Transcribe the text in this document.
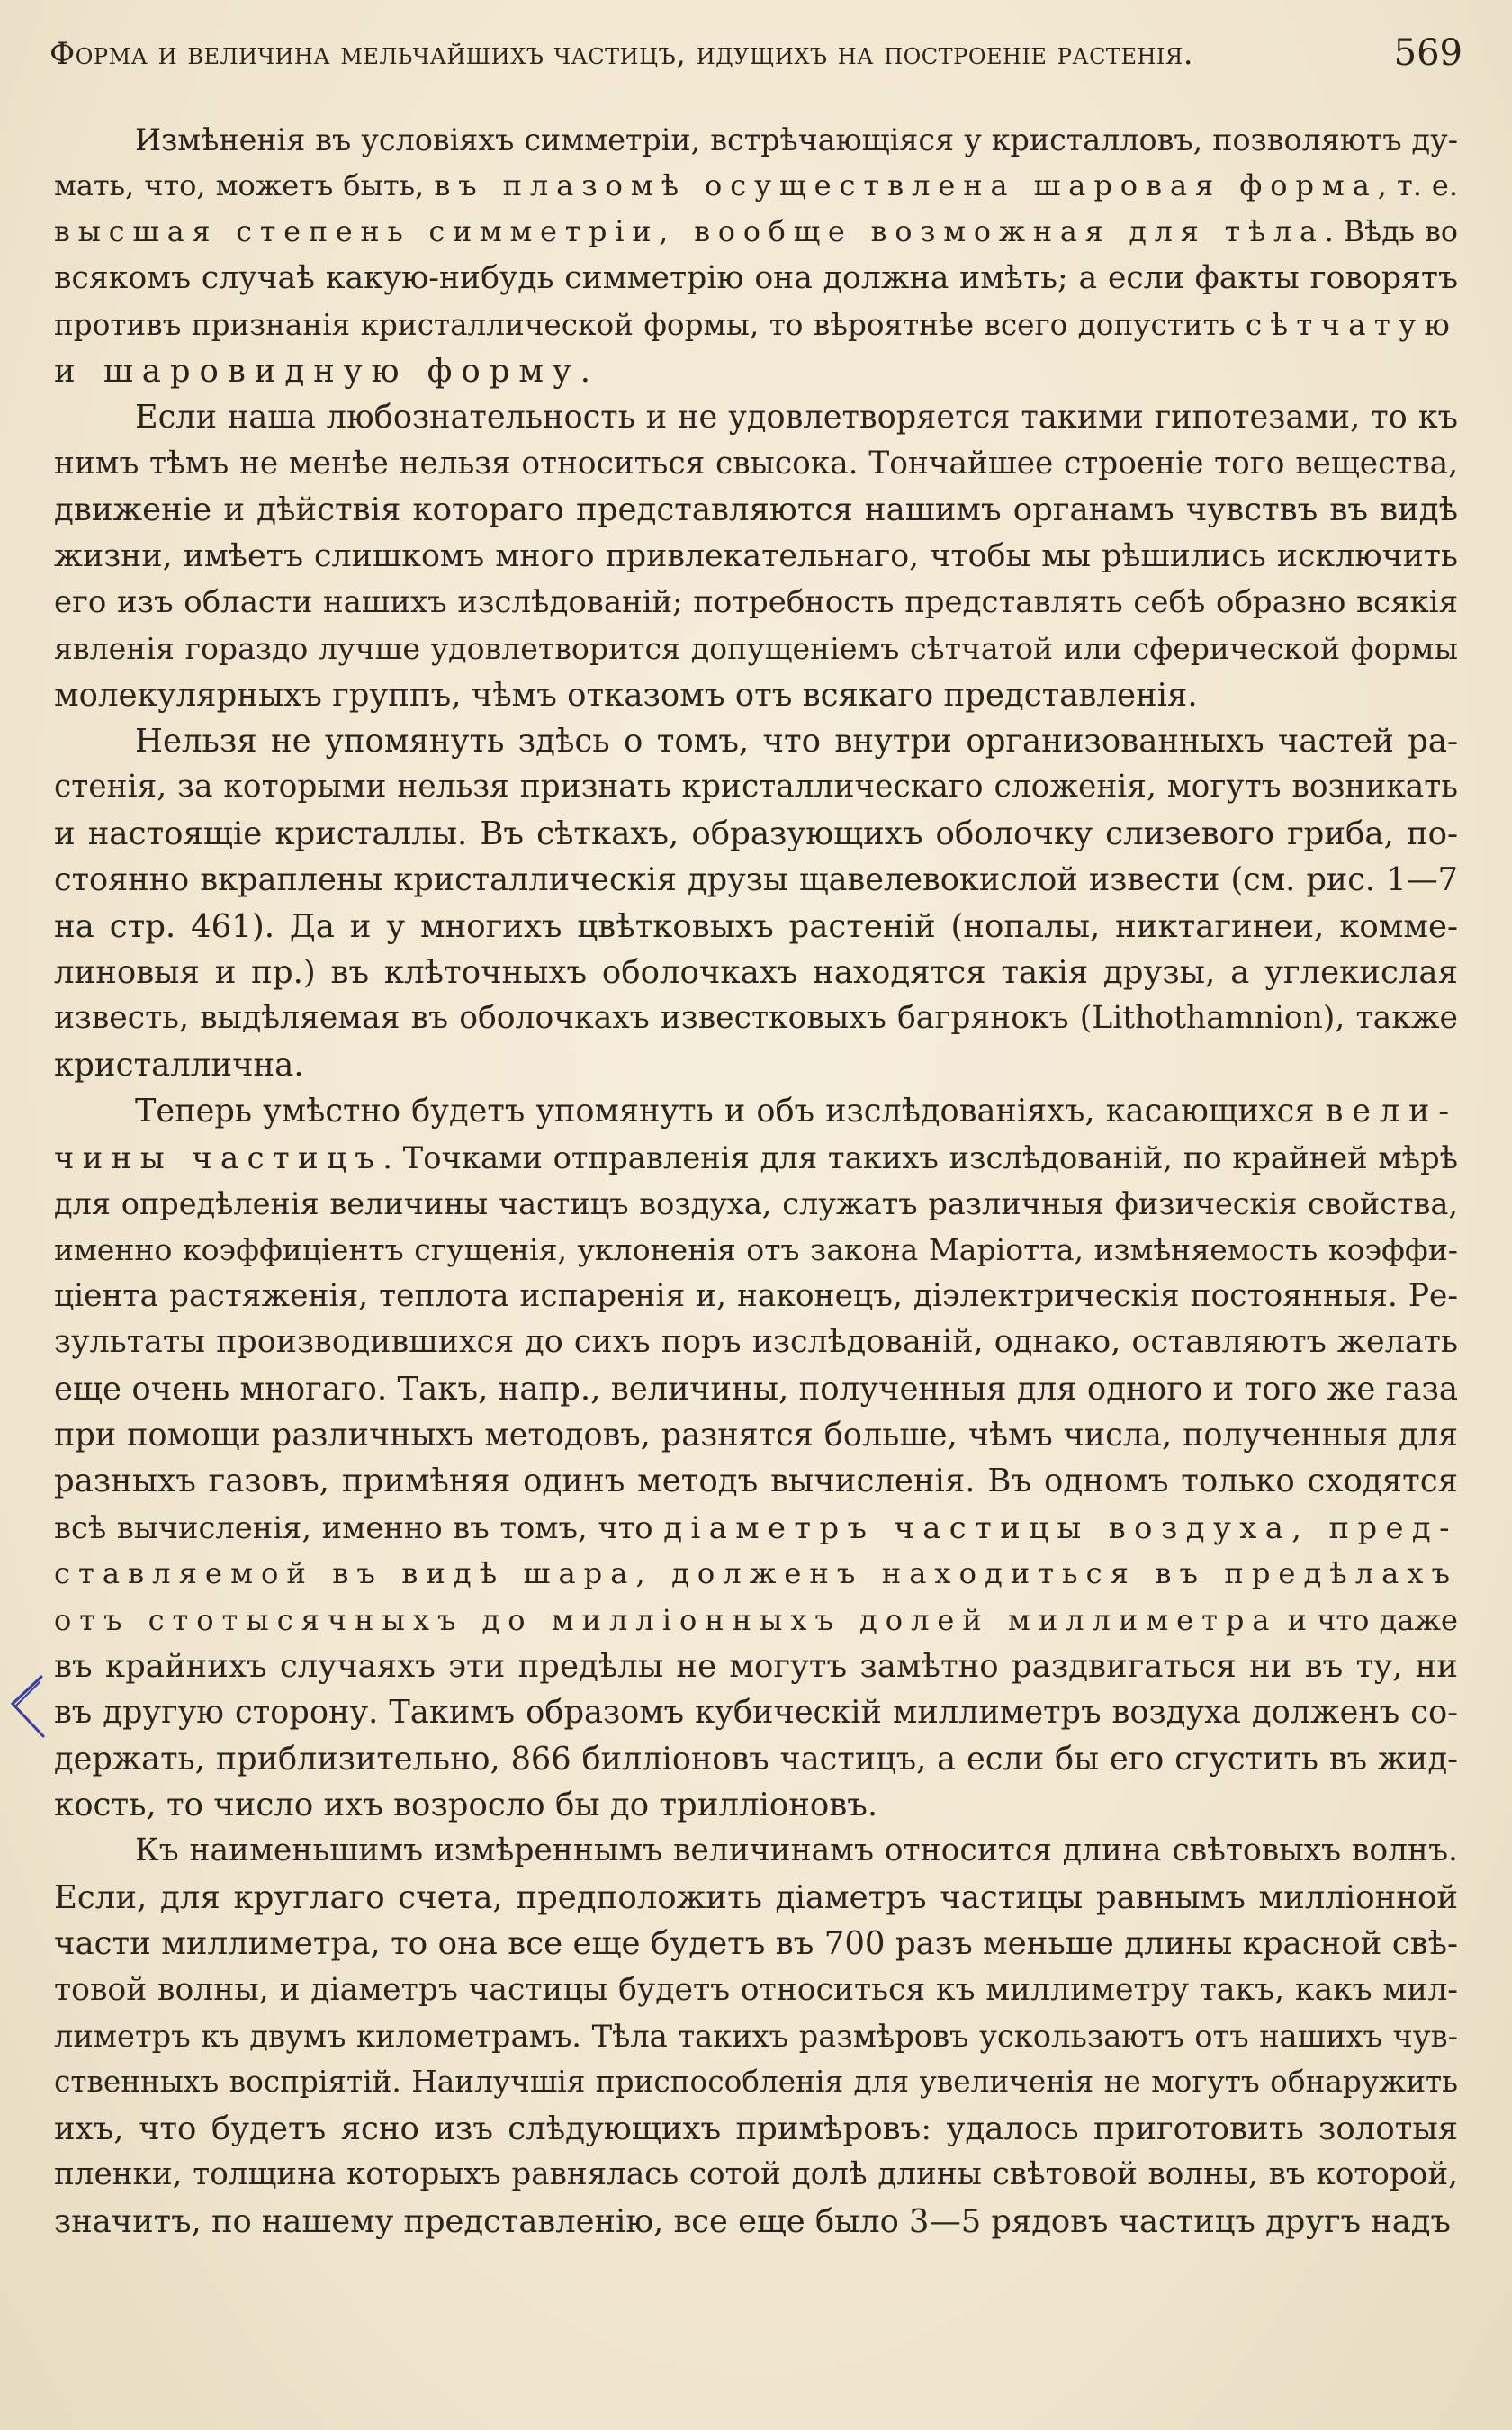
Форма и величина мельчайшихъ частицъ, идущихъ на построеніе растенія.	569
Измѣненія въ условіяхъ симметріи, встрѣчающіяся у кристалловъ, позволяютъ ду-
мать, что, можетъ быть, въ плазомѣ осуществлена шаровая форма, т. е.
высшая степень симметріи, вообще возможная для тѣла. Вѣдь во
всякомъ случаѣ какую-нибудь симметрію она должна имѣть; а если факты говорятъ
противъ признанія кристаллической формы, то вѣроятнѣе всего допустить сѣтчатую
и шаровидную форму.
Если наша любознательность и не удовлетворяется такими гипотезами, то къ
нимъ тѣмъ не менѣе нельзя относиться свысока. Тончайшее строеніе того вещества,
движеніе и дѣйствія котораго представляются нашимъ органамъ чувствъ въ видѣ
жизни, имѣетъ слишкомъ много привлекательнаго, чтобы мы рѣшились исключить
его изъ области нашихъ изслѣдованій; потребность представлять себѣ образно всякія
явленія гораздо лучше удовлетворится допущеніемъ сѣтчатой или сферической формы
молекулярныхъ группъ, чѣмъ отказомъ отъ всякаго представленія.
Нельзя не упомянуть здѣсь о томъ, что внутри организованныхъ частей ра-
стенія, за которыми нельзя признать кристаллическаго сложенія, могутъ возникать
и настоящіе кристаллы. Въ сѣткахъ, образующихъ оболочку слизевого гриба, по-
стоянно вкраплены кристаллическія друзы щавелевокислой извести (см. рис. 1—7
на стр. 461). Да и у многихъ цвѣтковыхъ растеній (нопалы, никтагинеи, комме-
линовыя и пр.) въ клѣточныхъ оболочкахъ находятся такія друзы, а углекислая
известь, выдѣляемая въ оболочкахъ известковыхъ багрянокъ (Lithothamnion), также
кристаллична.
Теперь умѣстно будетъ упомянуть и объ изслѣдованіяхъ, касающихся вели-
чины частицъ. Точками отправленія для такихъ изслѣдованій, по крайней мѣрѣ
для опредѣленія величины частицъ воздуха, служатъ различныя физическія свойства,
именно коэффиціентъ сгущенія, уклоненія отъ закона Маріотта, измѣняемость коэффи-
ціента растяженія, теплота испаренія и, наконецъ, діэлектрическія постоянныя. Ре-
зультаты производившихся до сихъ поръ изслѣдованій, однако, оставляютъ желать
еще очень многаго. Такъ, напр., величины, полученныя для одного и того же газа
при помощи различныхъ методовъ, разнятся больше, чѣмъ числа, полученныя для
разныхъ газовъ, примѣняя одинъ методъ вычисленія. Въ одномъ только сходятся
всѣ вычисленія, именно въ томъ, что діаметръ частицы воздуха, пред-
ставляемой въ видѣ шара, долженъ находиться въ предѣлахъ
отъ стотысячныхъ до милліонныхъ долей миллиметра и что даже
въ крайнихъ случаяхъ эти предѣлы не могутъ замѣтно раздвигаться ни въ ту, ни
въ другую сторону. Такимъ образомъ кубическій миллиметръ воздуха долженъ со-
держать, приблизительно, 866 билліоновъ частицъ, а если бы его сгустить въ жид-
кость, то число ихъ возросло бы до трилліоновъ.
Къ наименьшимъ измѣреннымъ величинамъ относится длина свѣтовыхъ волнъ.
Если, для круглаго счета, предположить діаметръ частицы равнымъ милліонной
части миллиметра, то она все еще будетъ въ 700 разъ меньше длины красной свѣ-
товой волны, и діаметръ частицы будетъ относиться къ миллиметру такъ, какъ мил-
лиметръ къ двумъ километрамъ. Тѣла такихъ размѣровъ ускользаютъ отъ нашихъ чув-
ственныхъ воспріятій. Наилучшія приспособленія для увеличенія не могутъ обнаружить
ихъ, что будетъ ясно изъ слѣдующихъ примѣровъ: удалось приготовить золотыя
пленки, толщина которыхъ равнялась сотой долѣ длины свѣтовой волны, въ которой,
значитъ, по нашему представленію, все еще было 3—5 рядовъ частицъ другъ надъ
